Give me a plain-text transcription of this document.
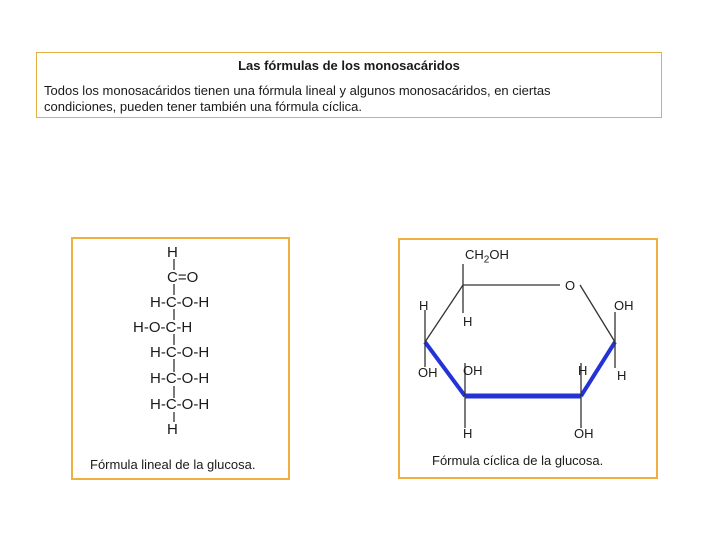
Las fórmulas de los monosacáridos
Todos los monosacáridos tienen una fórmula lineal y algunos monosacáridos, en ciertas
condiciones, pueden tener también una fórmula cíclica.
H
C=O
H-C-O-H
H-O-C-H
H-C-O-H
H-C-O-H
H-C-O-H
H
Fórmula lineal de la glucosa.
$CH_2OH$
O
H	OH
H
OH OH	H H
H	OH
Fórmula cíclica de la glucosa.
